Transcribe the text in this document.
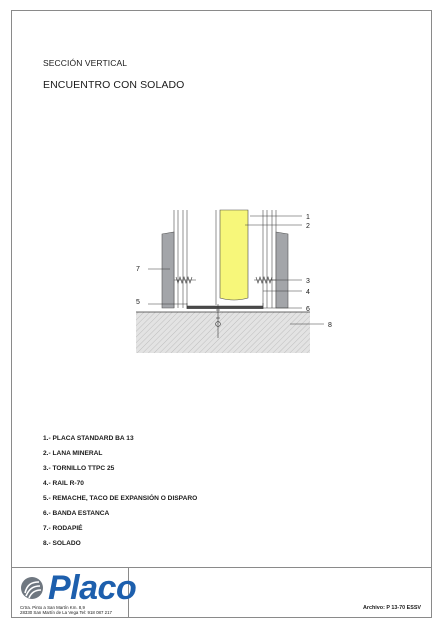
SECCIÓN VERTICAL
ENCUENTRO CON SOLADO
1
2
3
4
5
6
7
8
1.- PLACA STANDARD BA 13
2.- LANA MINERAL
3.- TORNILLO TTPC 25
4.- RAIL R-70
5.- REMACHE, TACO DE EXPANSIÓN O DISPARO
6.- BANDA ESTANCA
7.- RODAPIÉ
8.- SOLADO
Placo
Crtra. Pinto a San Martín Km. 8,9
28330 San Martín de La Vega Tel: 918 087 217
Archivo: P 13-70 ESSV
